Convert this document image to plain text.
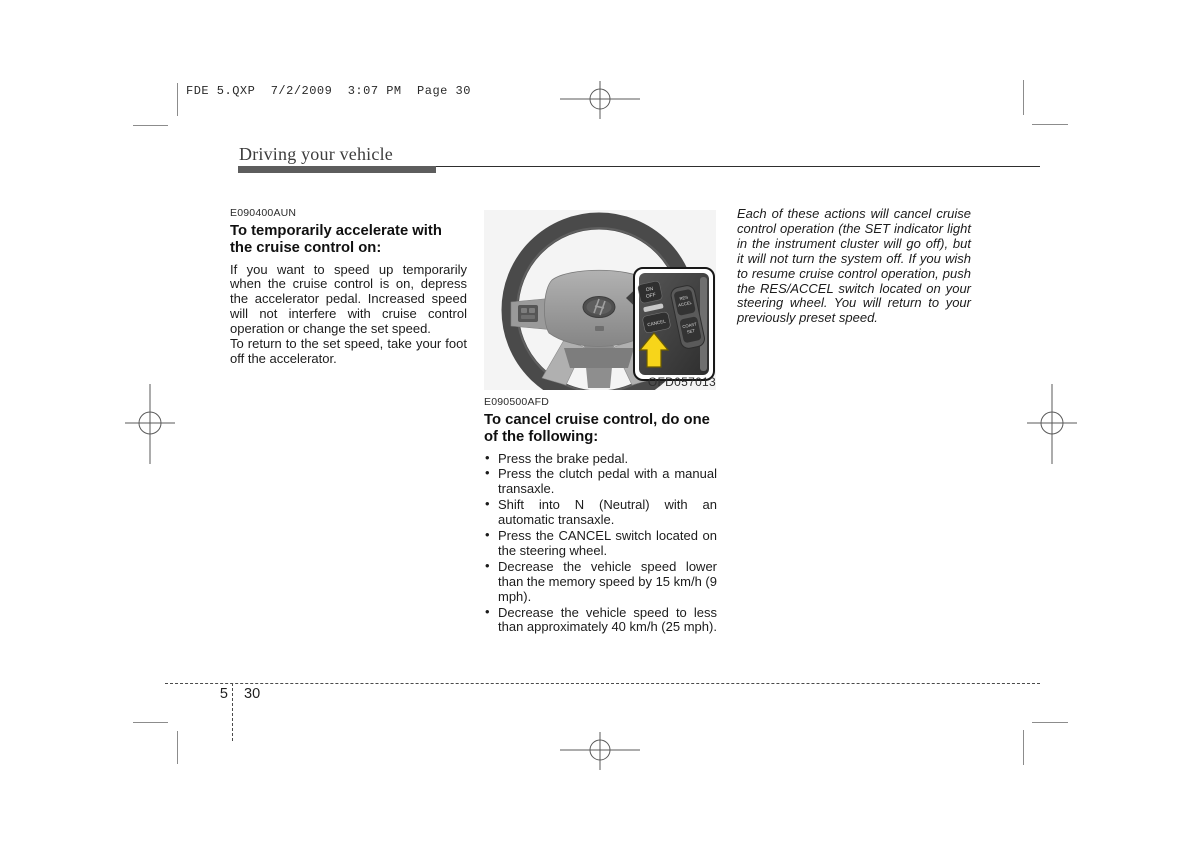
FDE 5.QXP  7/2/2009  3:07 PM  Page 30
Driving your vehicle
E090400AUN
To temporarily accelerate with the cruise control on:

If you want to speed up temporarily when the cruise control is on, depress the accelerator pedal. Increased speed will not interfere with cruise control operation or change the set speed.

To return to the set speed, take your foot off the accelerator.

ON
OFF
CANCEL
RES
ACCEL
COAST
SET
OFD057013
E090500AFD
To cancel cruise control, do one of the following:
• Press the brake pedal.
• Press the clutch pedal with a manual transaxle.
• Shift into N (Neutral) with an automatic transaxle.
• Press the CANCEL switch located on the steering wheel.
• Decrease the vehicle speed lower than the memory speed by 15 km/h (9 mph).
• Decrease the vehicle speed to less than approximately 40 km/h (25 mph).

Each of these actions will cancel cruise control operation (the SET indicator light in the instrument cluster will go off), but it will not turn the system off. If you wish to resume cruise control operation, push the RES/ACCEL switch located on your steering wheel. You will return to your previously preset speed.

5	30
